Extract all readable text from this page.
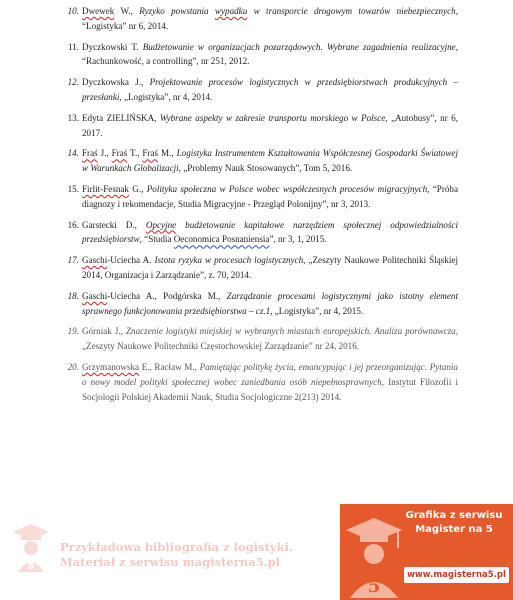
10. Dwewek W., Ryzyko powstania wypadku w transporcie drogowym towarów niebezpiecznych, “Logistyka” nr 6, 2014.
11. Dyczkowski T. Budżetowanie w organizacjach pozarządowych. Wybrane zagadnienia realizacyjne, “Rachunkowość, a controlling”, nr 251, 2012.
12. Dyczkowska J., Projektowanie procesów logistycznych w przedsiębiorstwach produkcyjnych – przesłanki, „Logistyka”, nr 4, 2014.
13. Edyta ZIELIŃSKA, Wybrane aspekty w zakresie transportu morskiego w Polsce, „Autobusy”, nr 6, 2017.
14. Fraś J., Fraś T., Fraś M., Logistyka Instrumentem Kształtowania Współczesnej Gospodarki Światowej w Warunkach Globalizacji, „Problemy Nauk Stosowanych”, Tom 5, 2016.
15. Firlit-Fesnak G., Polityka społeczna w Polsce wobec współczesnych procesów migracyjnych, “Próba diagnozy i rekomendacje, Studia Migracyjne - Przegląd Polonijny”, nr 3, 2013.
16. Garstecki D., Opcyjne budżetowanie kapitałowe narzędziem społecznej odpowiedzialności przedsiębiorstw, “Studia Oeconomica Posnaniensia”, nr 3, 1, 2015.
17. Gaschi-Uciecha A. Istota ryzyka w procesach logistycznych, „Zeszyty Naukowe Politechniki Śląskiej 2014, Organizacja i Zarządzanie”, z. 70, 2014.
18. Gaschi-Uciecha A., Podgórska M., Zarządzanie procesami logistycznymi jako istotny element sprawnego funkcjonowania przedsiębiorstwa – cz.1, „Logistyka”, nr 4, 2015.
19. Górniak J., Znaczenie logistyki miejskiej w wybranych miastach europejskich. Analiza porównawcza, „Zeszyty Naukowe Politechniki Częstochowskiej Zarządzanie” nr 24, 2016.
20. Grzymanowska E., Racław M., Pamiętając politykę życia, emancypując i jej przeorganizując. Pytania o nowy model polityki społecznej wobec zaniedbania osób niepełnosprawnych, Instytut Filozofii i Socjologii Polskiej Akademii Nauk, Studia Socjologiczne 2(213) 2014.
5
Przykładowa bibliografia z logistyki.
Materiał z serwisu magisterna5.pl
5
Grafika z serwisu
Magister na 5
www.magisterna5.pl
